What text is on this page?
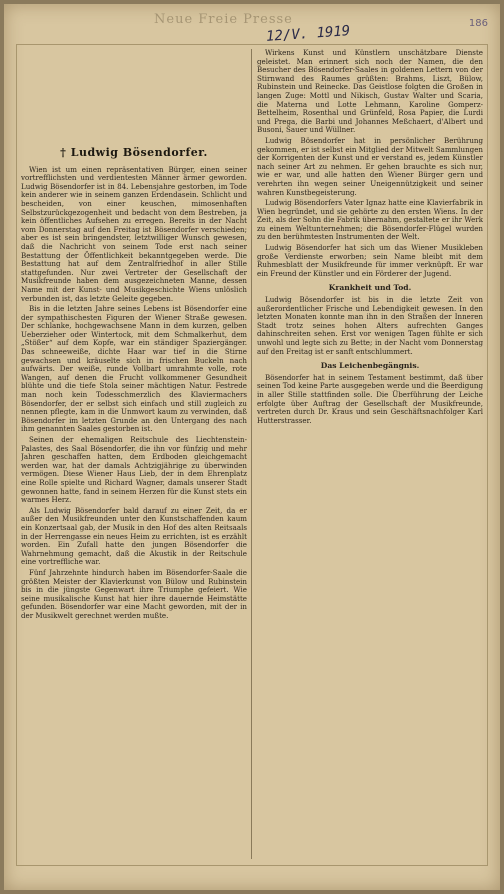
Neue Freie Presse
12/V. 1919	186
† Ludwig Bösendorfer.

Wien ist um einen repräsentativen Bürger, einen seiner vortrefflichsten und verdientesten Männer ärmer geworden. Ludwig Bösendorfer ist in 84. Lebensjahre gestorben, im Tode kein anderer wie in seinem ganzen Erdendasein. Schlicht und bescheiden, von einer keuschen, mimosenhaften Selbstzurückgezogenheit und bedacht von dem Bestreben, ja kein öffentliches Aufsehen zu erregen. Bereits in der Nacht vom Donnerstag auf den Freitag ist Bösendorfer verschieden; aber es ist sein bringendster, letztwilliger Wunsch gewesen, daß die Nachricht von seinem Tode erst nach seiner Bestattung der Öffentlichkeit bekanntgegeben werde. Die Bestattung hat auf dem Zentralfriedhof in aller Stille stattgefunden. Nur zwei Vertreter der Gesellschaft der Musikfreunde haben dem ausgezeichneten Manne, dessen Name mit der Kunst- und Musikgeschichte Wiens unlöslich verbunden ist, das letzte Geleite gegeben.

Bis in die letzten Jahre seines Lebens ist Bösendorfer eine der sympathischesten Figuren der Wiener Straße gewesen. Der schlanke, hochgewachsene Mann in dem kurzen, gelben Ueberzieher oder Wintertock, mit dem Schmalkerhut, dem „Stößer“ auf dem Kopfe, war ein ständiger Spaziergänger. Das schneeweiße, dichte Haar war tief in die Stirne gewachsen und kräuselte sich in frischen Buckeln nach aufwärts. Der weiße, runde Vollbart umrahmte volle, rote Wangen, auf denen die Frucht vollkommener Gesundheit blühte und die tiefe Stola seiner mächtigen Natur. Festrede man noch kein Todesschmerzlich des Klaviermachers Bösendorfer, der er selbst sich einfach und still zugleich zu nennen pflegte, kam in die Unmwort kaum zu verwinden, daß Bösendorfer im letzten Grunde an den Untergang des nach ihm genannten Saales gestorben ist.

Seinen der ehemaligen Reitschule des Liechtenstein-Palastes, des Saal Bösendorfer, die ihn vor fünfzig und mehr Jahren geschaffen hatten, dem Erdboden gleichgemacht werden war, hat der damals Achtzigjährige zu überwinden vermögen. Diese Wiener Haus Lieb, der in dem Ehrenplatz eine Rolle spielte und Richard Wagner, damals unserer Stadt gewonnen hatte, fand in seinem Herzen für die Kunst stets ein warmes Herz.

Als Ludwig Bösendorfer bald darauf zu einer Zeit, da er außer den Musikfreunden unter den Kunstschaffenden kaum ein Konzertsaal gab, der Musik in den Hof des alten Reitsaals in der Herrengasse ein neues Heim zu errichten, ist es erzählt worden. Ein Zufall hatte den jungen Bösendorfer die Wahrnehmung gemacht, daß die Akustik in der Reitschule eine vortreffliche war.

Fünf Jahrzehnte hindurch haben im Bösendorfer-Saale die größten Meister der Klavierkunst von Bülow und Rubinstein bis in die jüngste Gegenwart ihre Triumphe gefeiert. Wie seine musikalische Kunst hat hier ihre dauernde Heimstätte gefunden. Bösendorfer war eine Macht geworden, mit der in der Musikwelt gerechnet werden mußte.

Wirkens Kunst und Künstlern unschätzbare Dienste geleistet. Man erinnert sich noch der Namen, die den Besucher des Bösendorfer-Saales in goldenen Lettern von der Stirnwand des Raumes grüßten: Brahms, Liszt, Bülow, Rubinstein und Reinecke. Das Geistlose folgten die Großen in langen Zuge: Mottl und Nikisch, Gustav Walter und Scaria, die Materna und Lotte Lehmann, Karoline Gomperz-Bettelheim, Rosenthal und Grünfeld, Rosa Papier, die Lurdi und Prega, die Barbi und Johannes Meßchaert, d'Albert und Busoni, Sauer und Wüllner.

Ludwig Bösendorfer hat in persönlicher Berührung gekommen, er ist selbst ein Mitglied der Mitwelt Sammlungen der Korrigenten der Kunst und er verstand es, jedem Künstler nach seiner Art zu nehmen. Er gehen brauchte es sich nur, wie er war, und alle hatten den Wiener Bürger gern und verehrten ihn wegen seiner Uneigennützigkeit und seiner wahren Kunstbegeisterung.

Ludwig Bösendorfers Vater Ignaz hatte eine Klavierfabrik in Wien begründet, und sie gehörte zu den ersten Wiens. In der Zeit, als der Sohn die Fabrik übernahm, gestaltete er ihr Werk zu einem Weltunternehmen; die Bösendorfer-Flügel wurden zu den berühmtesten Instrumenten der Welt.

Ludwig Bösendorfer hat sich um das Wiener Musikleben große Verdienste erworben; sein Name bleibt mit dem Ruhmesblatt der Musikfreunde für immer verknüpft. Er war ein Freund der Künstler und ein Förderer der Jugend.

Krankheit und Tod.

Ludwig Bösendorfer ist bis in die letzte Zeit von außerordentlicher Frische und Lebendigkeit gewesen. In den letzten Monaten konnte man ihn in den Straßen der Inneren Stadt trotz seines hohen Alters aufrechten Ganges dahinschreiten sehen. Erst vor wenigen Tagen fühlte er sich unwohl und legte sich zu Bette; in der Nacht vom Donnerstag auf den Freitag ist er sanft entschlummert.

Das Leichenbegängnis.

Bösendorfer hat in seinem Testament bestimmt, daß über seinen Tod keine Parte ausgegeben werde und die Beerdigung in aller Stille stattfinden solle. Die Überführung der Leiche erfolgte über Auftrag der Gesellschaft der Musikfreunde, vertreten durch Dr. Kraus und sein Geschäftsnachfolger Karl Hutterstrasser.
